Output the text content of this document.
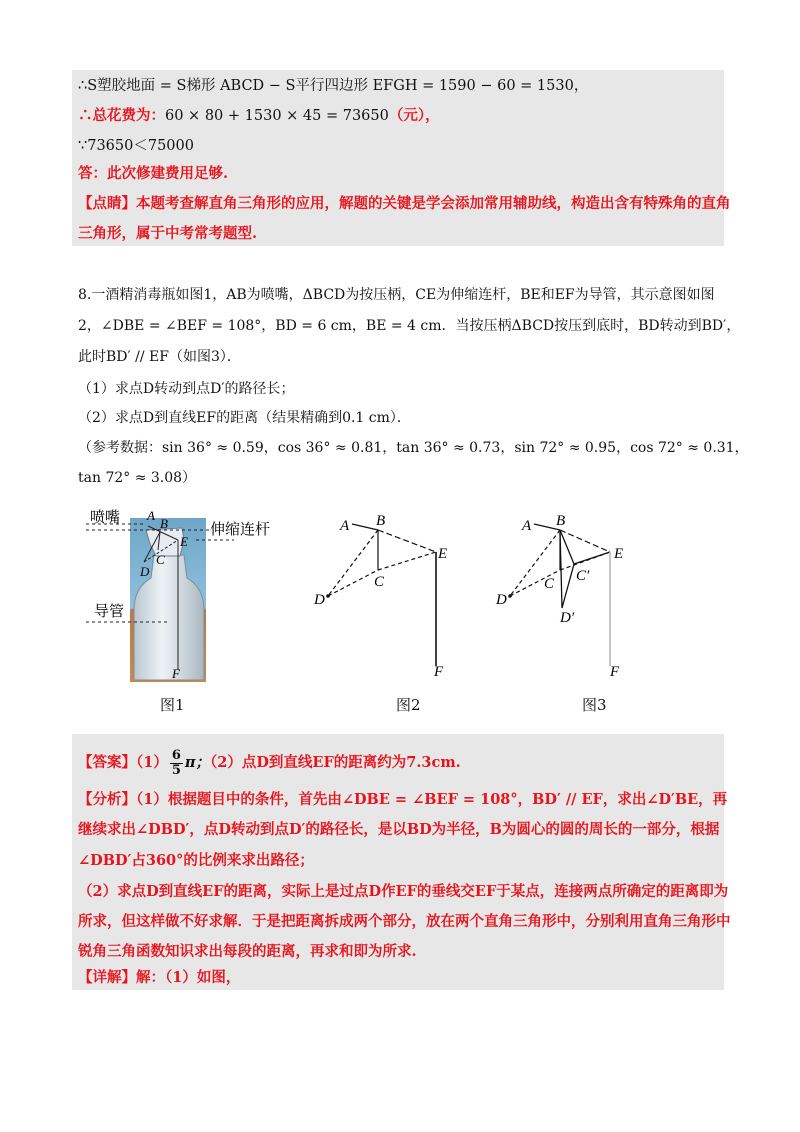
∴S塑胶地面 = S梯形 ABCD − S平行四边形 EFGH = 1590 − 60 = 1530，
∴总花费为：60 × 80 + 1530 × 45 = 73650（元），
∵73650＜75000
答：此次修建费用足够.
【点睛】本题考查解直角三角形的应用，解题的关键是学会添加常用辅助线，构造出含有特殊角的直角
三角形，属于中考常考题型.
8.一酒精消毒瓶如图1，AB为喷嘴，ΔBCD为按压柄，CE为伸缩连杆，BE和EF为导管，其示意图如图
2，∠DBE = ∠BEF = 108°，BD = 6 cm，BE = 4 cm．当按压柄ΔBCD按压到底时，BD转动到BD′，
此时BD′ // EF（如图3）．
（1）求点D转动到点D′的路径长；
（2）求点D到直线EF的距离（结果精确到0.1 cm）．
（参考数据：sin 36° ≈ 0.59，cos 36° ≈ 0.81，tan 36° ≈ 0.73，sin 72° ≈ 0.95，cos 72° ≈ 0.31，
tan 72° ≈ 3.08）
喷嘴
伸缩连杆
导管
A
B
E
C
D
F
A B
E
C
D
F
A B
E
C C′
D
D′
F
图1	图2	图3
【答案】$(1) \frac{6}{5}$ π；（2）点D到直线EF的距离约为7.3cm.
【分析】（1）根据题目中的条件，首先由∠DBE = ∠BEF = 108°，BD′ // EF，求出∠D′BE，再
继续求出∠DBD′，点D转动到点D′的路径长，是以BD为半径，B为圆心的圆的周长的一部分，根据
∠DBD′占360°的比例来求出路径；
（2）求点D到直线EF的距离，实际上是过点D作EF的垂线交EF于某点，连接两点所确定的距离即为
所求，但这样做不好求解．于是把距离拆成两个部分，放在两个直角三角形中，分别利用直角三角形中
锐角三角函数知识求出每段的距离，再求和即为所求.
【详解】解：（1）如图，
